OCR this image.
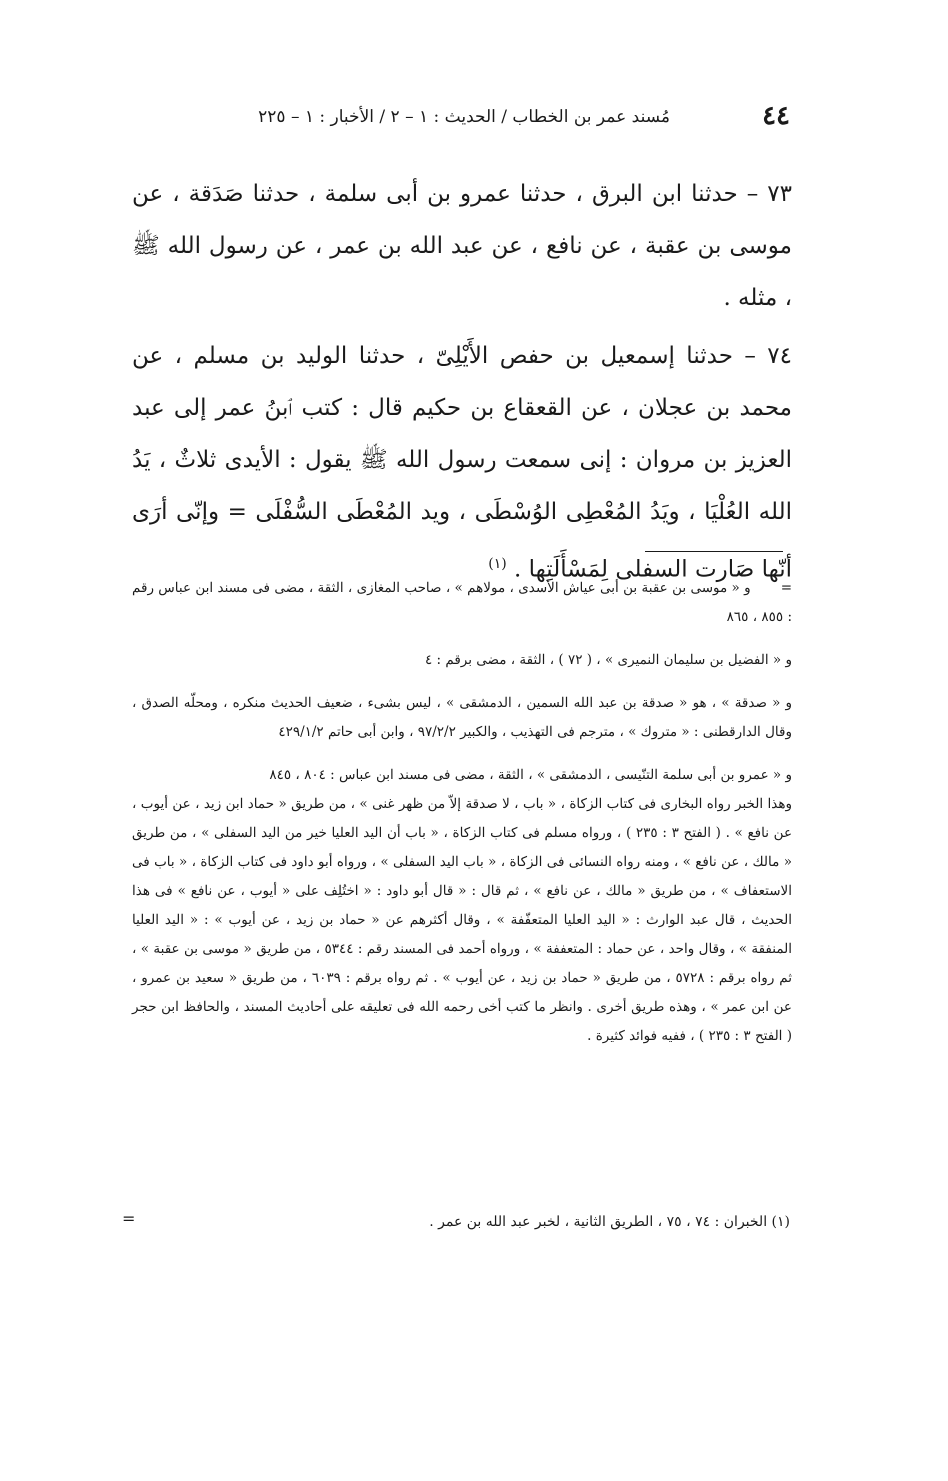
٤٤
مُسند عمر بن الخطاب / الحديث : ١ – ٢ / الأخبار : ١ – ٢٢٥

٧٣ – حدثنا ابن البرق ، حدثنا عمرو بن أبى سلمة ، حدثنا صَدَقة ، عن موسى بن عقبة ، عن نافع ، عن عبد الله بن عمر ، عن رسول الله ﷺ ، مثله .

٧٤ – حدثنا إسمعيل بن حفص الأَيْلِىّ ، حدثنا الوليد بن مسلم ، عن محمد بن عجلان ، عن القعقاع بن حكيم قال : كتب ٱبنُ عمر إلى عبد العزيز بن مروان : إنى سمعت رسول الله ﷺ يقول : الأيدى ثلاثٌ ، يَدُ الله العُلْيَا ، ويَدُ المُعْطِى الوُسْطَى ، ويد المُعْطَى السُّفْلَى = وإنّى أرَى أنّها صَارت السفلى لِمَسْأَلَتِها . $^{(١)}$

=و « موسى بن عقبة بن أبى عياش الأسدى ، مولاهم » ، صاحب المغازى ، الثقة ، مضى فى مسند ابن عباس رقم : ٨٥٥ ، ٨٦٥

و « الفضيل بن سليمان النميرى » ، ( ٧٢ ) ، الثقة ، مضى برقم : ٤

و « صدقة » ، هو « صدقة بن عبد الله السمين ، الدمشقى » ، ليس بشىء ، ضعيف الحديث منكره ، ومحلّه الصدق ، وقال الدارقطنى : « متروك » ، مترجم فى التهذيب ، والكبير ٩٧/٢/٢ ، وابن أبى حاتم ٤٢٩/١/٢

و « عمرو بن أبى سلمة التنّيسى ، الدمشقى » ، الثقة ، مضى فى مسند ابن عباس : ٨٠٤ ، ٨٤٥

وهذا الخبر رواه البخارى فى كتاب الزكاة ، « باب ، لا صدقة إلاّ من ظهر غنى » ، من طريق « حماد ابن زيد ، عن أيوب ، عن نافع » . ( الفتح ٣ : ٢٣٥ ) ، ورواه مسلم فى كتاب الزكاة ، « باب أن اليد العليا خير من اليد السفلى » ، من طريق « مالك ، عن نافع » ، ومنه رواه النسائى فى الزكاة ، « باب اليد السفلى » ، ورواه أبو داود فى كتاب الزكاة ، « باب فى الاستعفاف » ، من طريق « مالك ، عن نافع » ، ثم قال : « قال أبو داود : « اختُلِف على « أيوب ، عن نافع » فى هذا الحديث ، قال عبد الوارث : « اليد العليا المتعفّفة » ، وقال أكثرهم عن « حماد بن زيد ، عن أيوب » : « اليد العليا المنفقة » ، وقال واحد ، عن حماد : المتعففة » ، ورواه أحمد فى المسند رقم : ٥٣٤٤ ، من طريق « موسى بن عقبة » ، ثم رواه برقم : ٥٧٢٨ ، من طريق « حماد بن زيد ، عن أيوب » . ثم رواه برقم : ٦٠٣٩ ، من طريق « سعيد بن عمرو ، عن ابن عمر » ، وهذه طريق أخرى . وانظر ما كتب أخى رحمه الله فى تعليقه على أحاديث المسند ، والحافظ ابن حجر ( الفتح ٣ : ٢٣٥ ) ، ففيه فوائد كثيرة .

(١) الخبران : ٧٤ ، ٧٥ ، الطريق الثانية ، لخبر عبد الله بن عمر .
=
